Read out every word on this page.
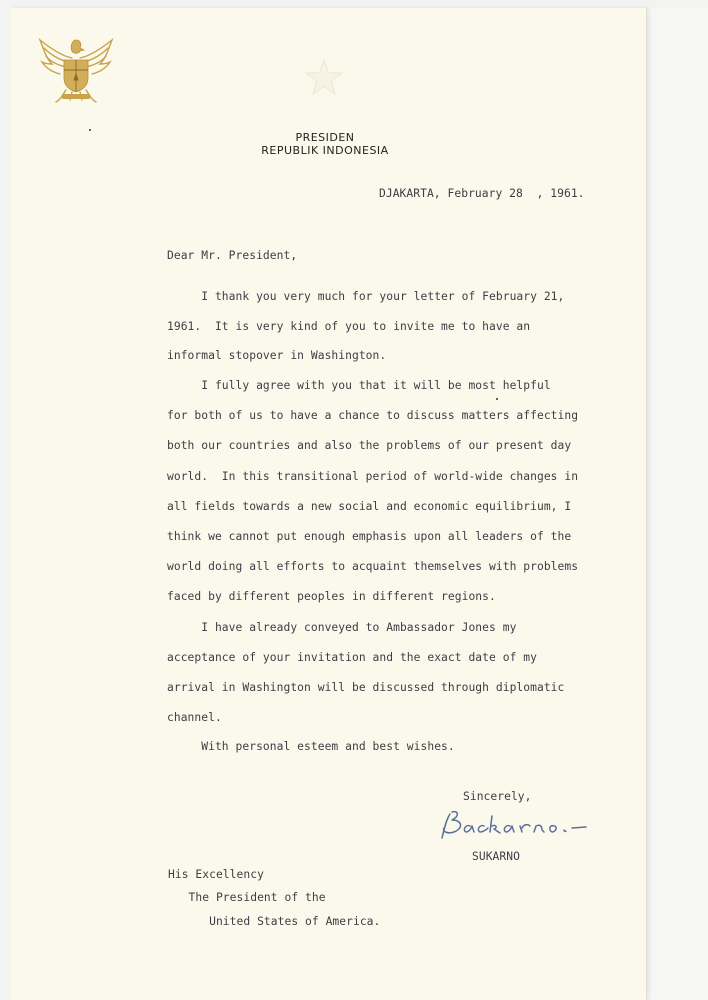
PRESIDEN
REPUBLIK INDONESIA
DJAKARTA, February 28  , 1961.
Dear Mr. President,
I thank you very much for your letter of February 21,
1961.  It is very kind of you to invite me to have an
informal stopover in Washington.
I fully agree with you that it will be most helpful
for both of us to have a chance to discuss matters affecting
both our countries and also the problems of our present day
world.  In this transitional period of world-wide changes in
all fields towards a new social and economic equilibrium, I
think we cannot put enough emphasis upon all leaders of the
world doing all efforts to acquaint themselves with problems
faced by different peoples in different regions.
I have already conveyed to Ambassador Jones my
acceptance of your invitation and the exact date of my
arrival in Washington will be discussed through diplomatic
channel.
With personal esteem and best wishes.
Sincerely,
SUKARNO
His Excellency
The President of the
United States of America.
